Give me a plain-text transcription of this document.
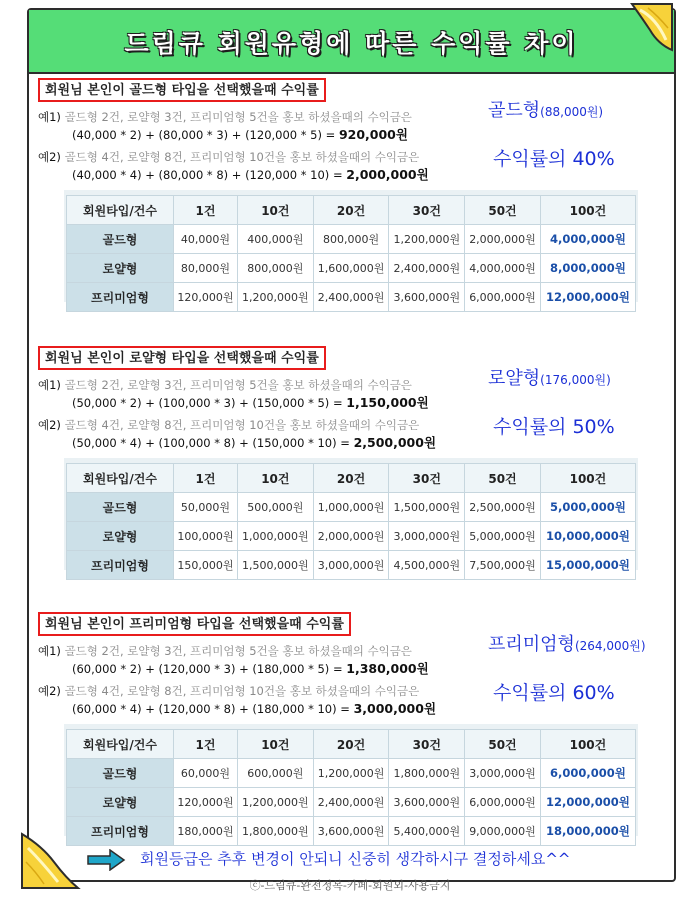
드림큐 회원유형에 따른 수익률 차이
회원님 본인이 골드형 타입을 선택했을때 수익률
예1) 골드형 2건, 로얄형 3건, 프리미엄형 5건을 홍보 하셨을때의 수익금은
(40,000 * 2) + (80,000 * 3) + (120,000 * 5) = 920,000원
예2) 골드형 4건, 로얄형 8건, 프리미엄형 10건을 홍보 하셨을때의 수익금은
(40,000 * 4) + (80,000 * 8) + (120,000 * 10) = 2,000,000원
골드형(88,000원)
수익률의 40%
회원타입/건수	1건	10건	20건	30건	50건	100건
골드형	40,000원	400,000원	800,000원	1,200,000원	2,000,000원	4,000,000원
로얄형	80,000원	800,000원	1,600,000원	2,400,000원	4,000,000원	8,000,000원
프리미엄형	120,000원	1,200,000원	2,400,000원	3,600,000원	6,000,000원	12,000,000원
회원님 본인이 로얄형 타입을 선택했을때 수익률
예1) 골드형 2건, 로얄형 3건, 프리미엄형 5건을 홍보 하셨을때의 수익금은
(50,000 * 2) + (100,000 * 3) + (150,000 * 5) = 1,150,000원
예2) 골드형 4건, 로얄형 8건, 프리미엄형 10건을 홍보 하셨을때의 수익금은
(50,000 * 4) + (100,000 * 8) + (150,000 * 10) = 2,500,000원
로얄형(176,000원)
수익률의 50%
회원타입/건수	1건	10건	20건	30건	50건	100건
골드형	50,000원	500,000원	1,000,000원	1,500,000원	2,500,000원	5,000,000원
로얄형	100,000원	1,000,000원	2,000,000원	3,000,000원	5,000,000원	10,000,000원
프리미엄형	150,000원	1,500,000원	3,000,000원	4,500,000원	7,500,000원	15,000,000원
회원님 본인이 프리미엄형 타입을 선택했을때 수익률
예1) 골드형 2건, 로얄형 3건, 프리미엄형 5건을 홍보 하셨을때의 수익금은
(60,000 * 2) + (120,000 * 3) + (180,000 * 5) = 1,380,000원
예2) 골드형 4건, 로얄형 8건, 프리미엄형 10건을 홍보 하셨을때의 수익금은
(60,000 * 4) + (120,000 * 8) + (180,000 * 10) = 3,000,000원
프리미엄형(264,000원)
수익률의 60%
회원타입/건수	1건	10건	20건	30건	50건	100건
골드형	60,000원	600,000원	1,200,000원	1,800,000원	3,000,000원	6,000,000원
로얄형	120,000원	1,200,000원	2,400,000원	3,600,000원	6,000,000원	12,000,000원
프리미엄형	180,000원	1,800,000원	3,600,000원	5,400,000원	9,000,000원	18,000,000원
회원등급은 추후 변경이 안되니 신중히 생각하시구 결정하세요^^
ⓒ-드림큐-완전정복-카페-회원외-사용금지
